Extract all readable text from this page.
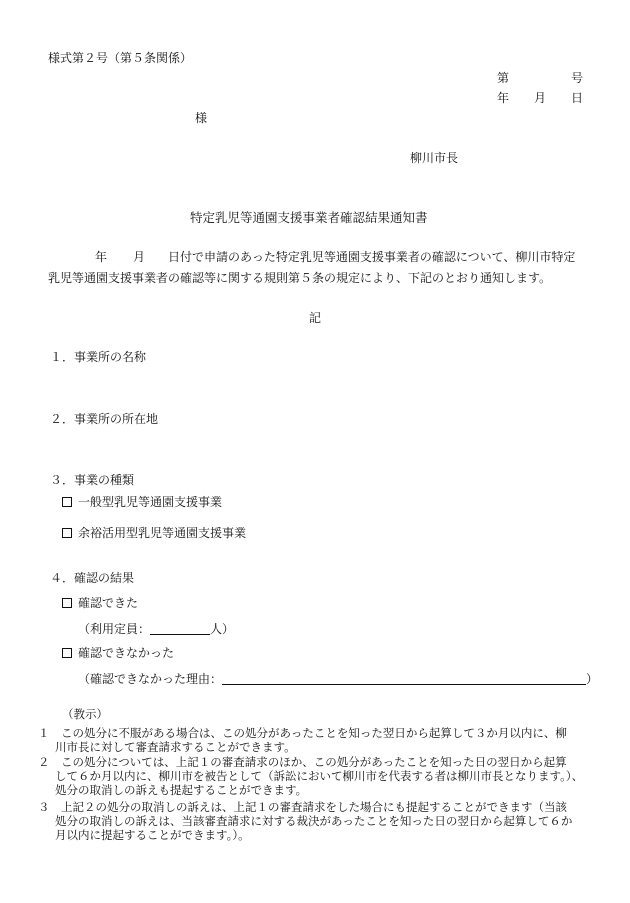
様式第２号（第５条関係）
第	号
年 月 日
様
柳川市長
特定乳児等通園支援事業者確認結果通知書
年 月 日付で申請のあった特定乳児等通園支援事業者の確認について、柳川市特定
乳児等通園支援事業者の確認等に関する規則第５条の規定により、下記のとおり通知します。
記
１．事業所の名称
２．事業所の所在地
３．事業の種類
一般型乳児等通園支援事業
余裕活用型乳児等通園支援事業
４．確認の結果
確認できた
（利用定員：	人）
確認できなかった
（確認できなかった理由：	）
（教示）

１　 この処分に不服がある場合は、この処分があったことを知った翌日から起算して３か月以内に、柳

川市長に対して審査請求することができます。

２　 この処分については、上記１の審査請求のほか、この処分があったことを知った日の翌日から起算

して６か月以内に、柳川市を被告として（訴訟において柳川市を代表する者は柳川市長となります。）、

処分の取消しの訴えも提起することができます。

３　 上記２の処分の取消しの訴えは、上記１の審査請求をした場合にも提起することができます（当該

処分の取消しの訴えは、当該審査請求に対する裁決があったことを知った日の翌日から起算して６か

月以内に提起することができます。）。
